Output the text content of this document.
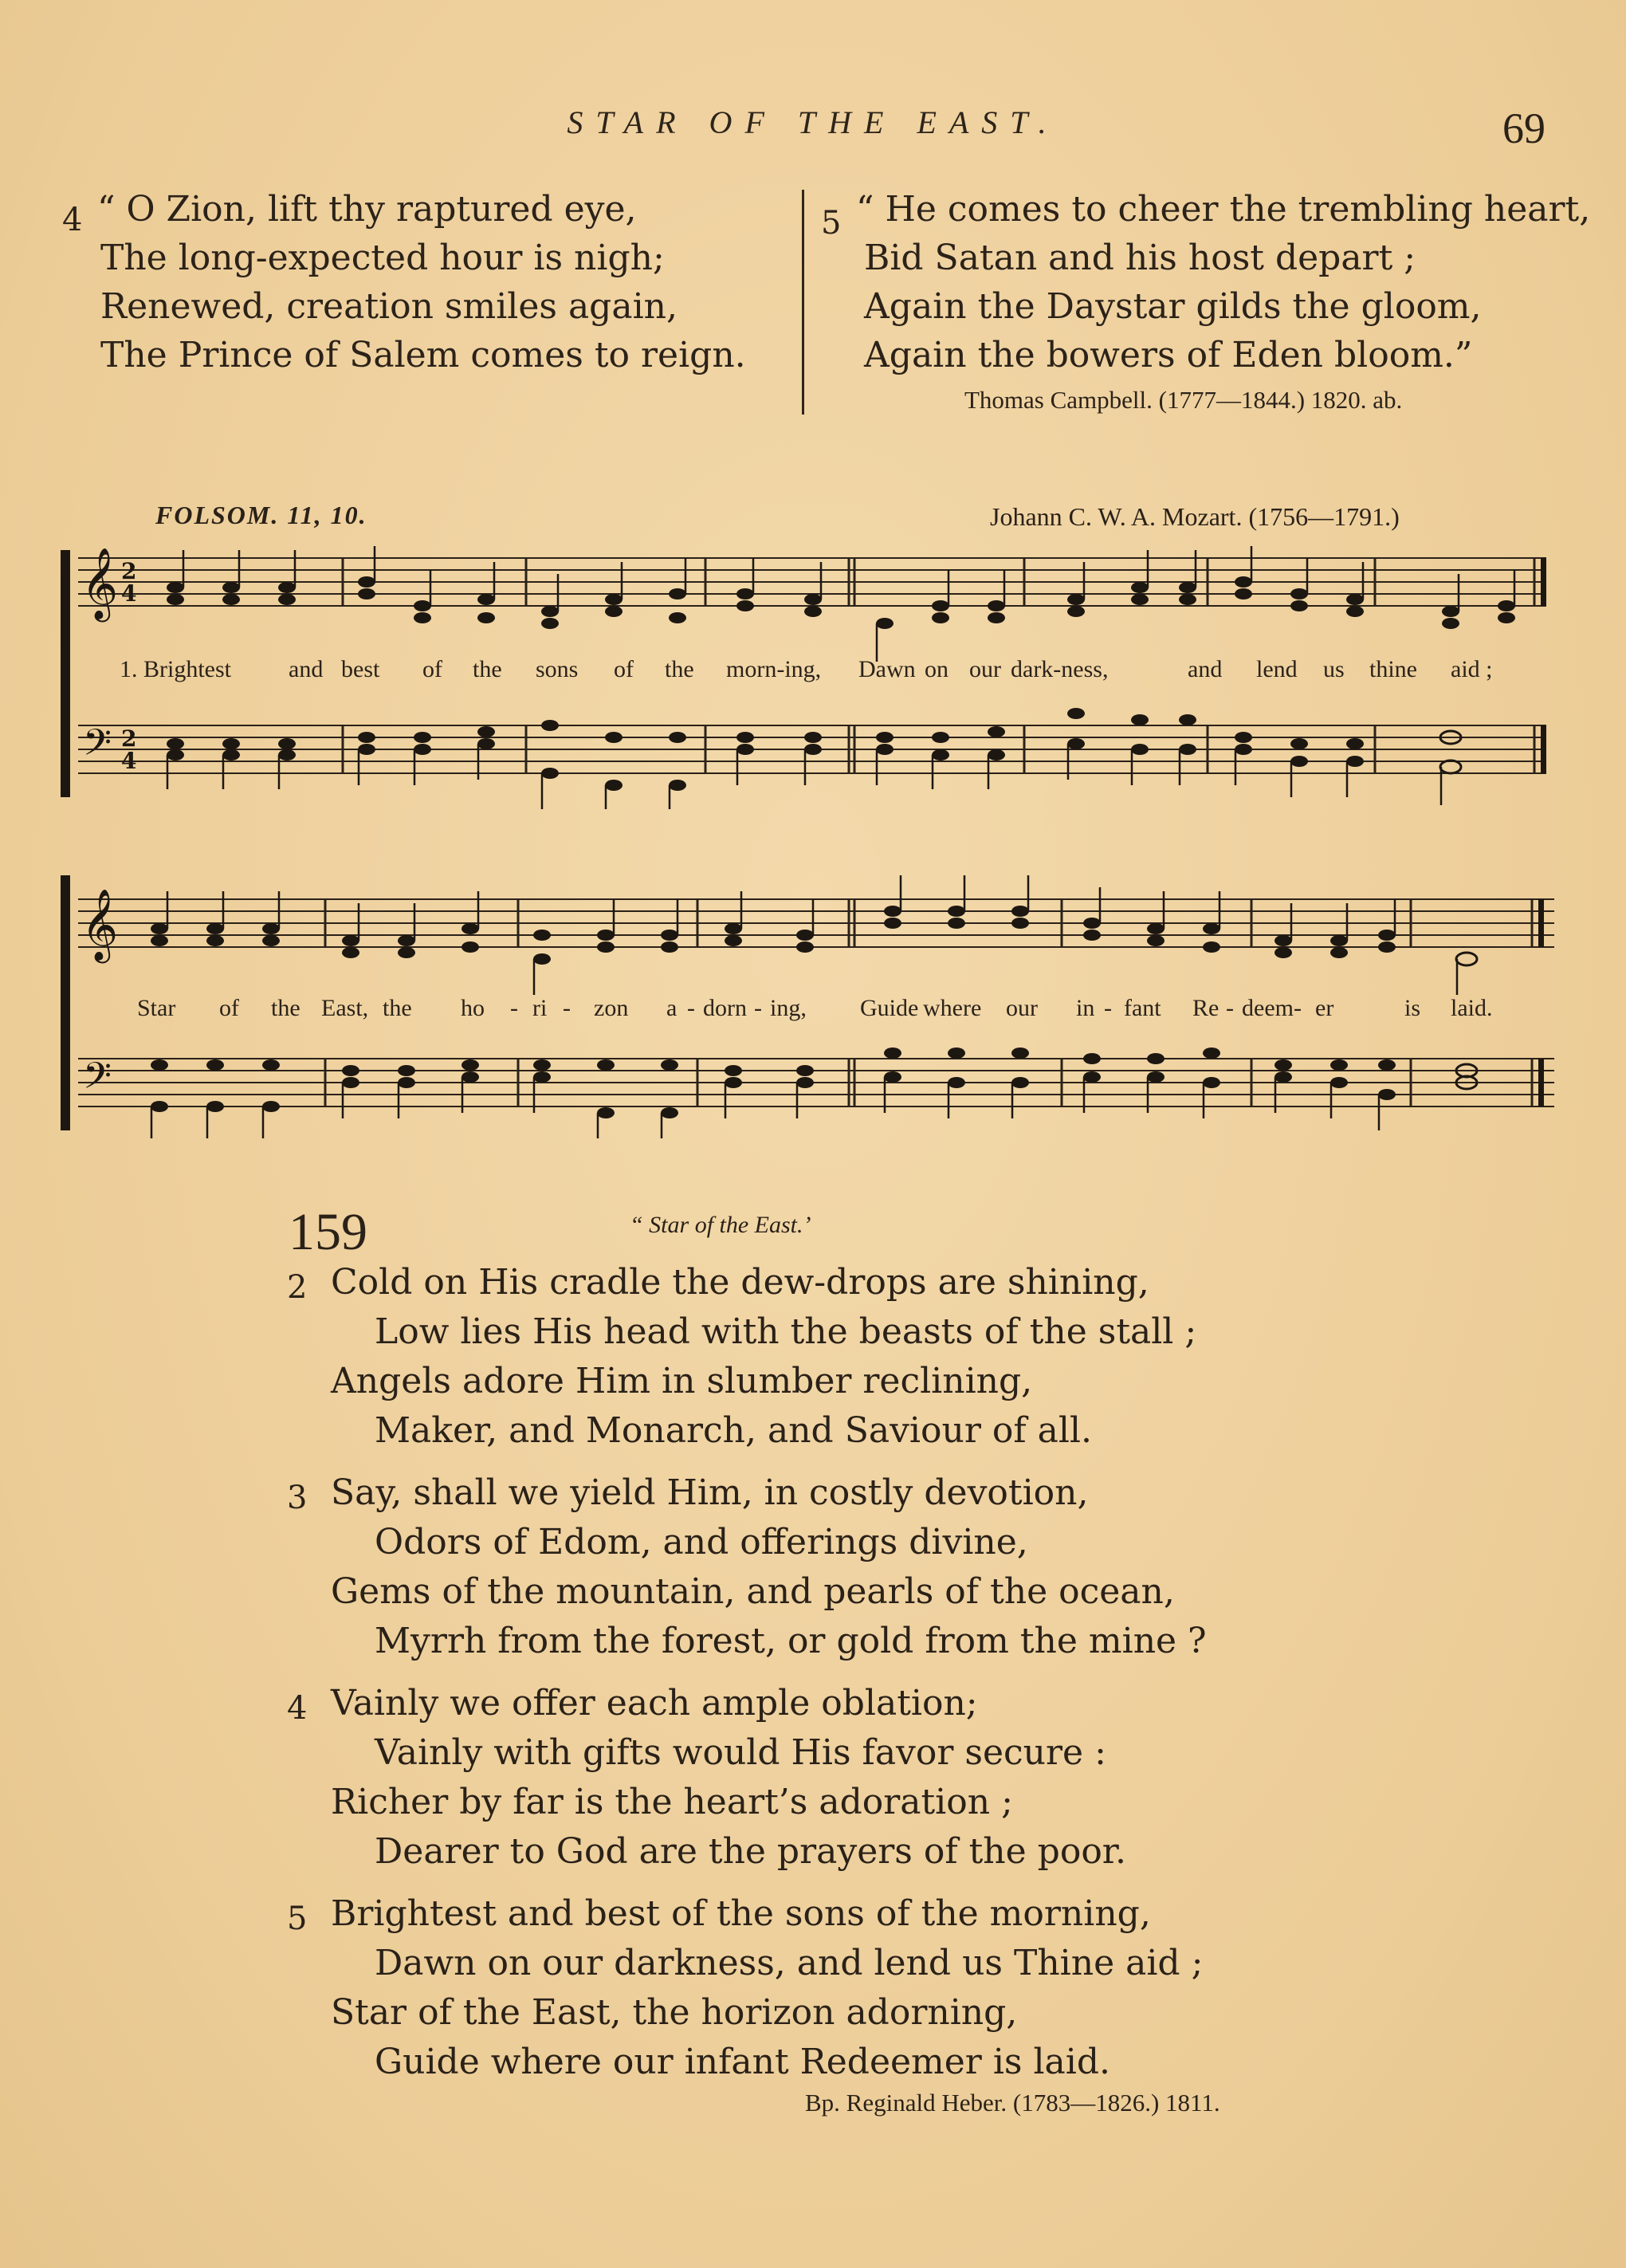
STAR OF THE EAST.	69
4 “ O Zion, lift thy raptured eye,
The long-expected hour is nigh;
Renewed, creation smiles again,
The Prince of Salem comes to reign.
5 “ He comes to cheer the trembling heart,
Bid Satan and his host depart ;
Again the Daystar gilds the gloom,
Again the bowers of Eden bloom.”
Thomas Campbell. (1777—1844.) 1820. ab.
FOLSOM. 11, 10.	Johann C. W. A. Mozart. (1756—1791.)
𝄞 2
4
𝄢 2
4
1. Brightest and best of the sons of the morn-ing, Dawn on our dark-ness,	and lend us thine aid ;
𝄞
𝄢
Star of the East, the ho - ri - zon a - dorn - ing, Guide where our in - fant Re - deem- er	is laid.
159	“ Star of the East.’
2 Cold on His cradle the dew-drops are shining,
Low lies His head with the beasts of the stall ;
Angels adore Him in slumber reclining,
Maker, and Monarch, and Saviour of all.
3 Say, shall we yield Him, in costly devotion,
Odors of Edom, and offerings divine,
Gems of the mountain, and pearls of the ocean,
Myrrh from the forest, or gold from the mine ?
4 Vainly we offer each ample oblation;
Vainly with gifts would His favor secure :
Richer by far is the heart’s adoration ;
Dearer to God are the prayers of the poor.
5 Brightest and best of the sons of the morning,
Dawn on our darkness, and lend us Thine aid ;
Star of the East, the horizon adorning,
Guide where our infant Redeemer is laid.
Bp. Reginald Heber. (1783—1826.) 1811.
